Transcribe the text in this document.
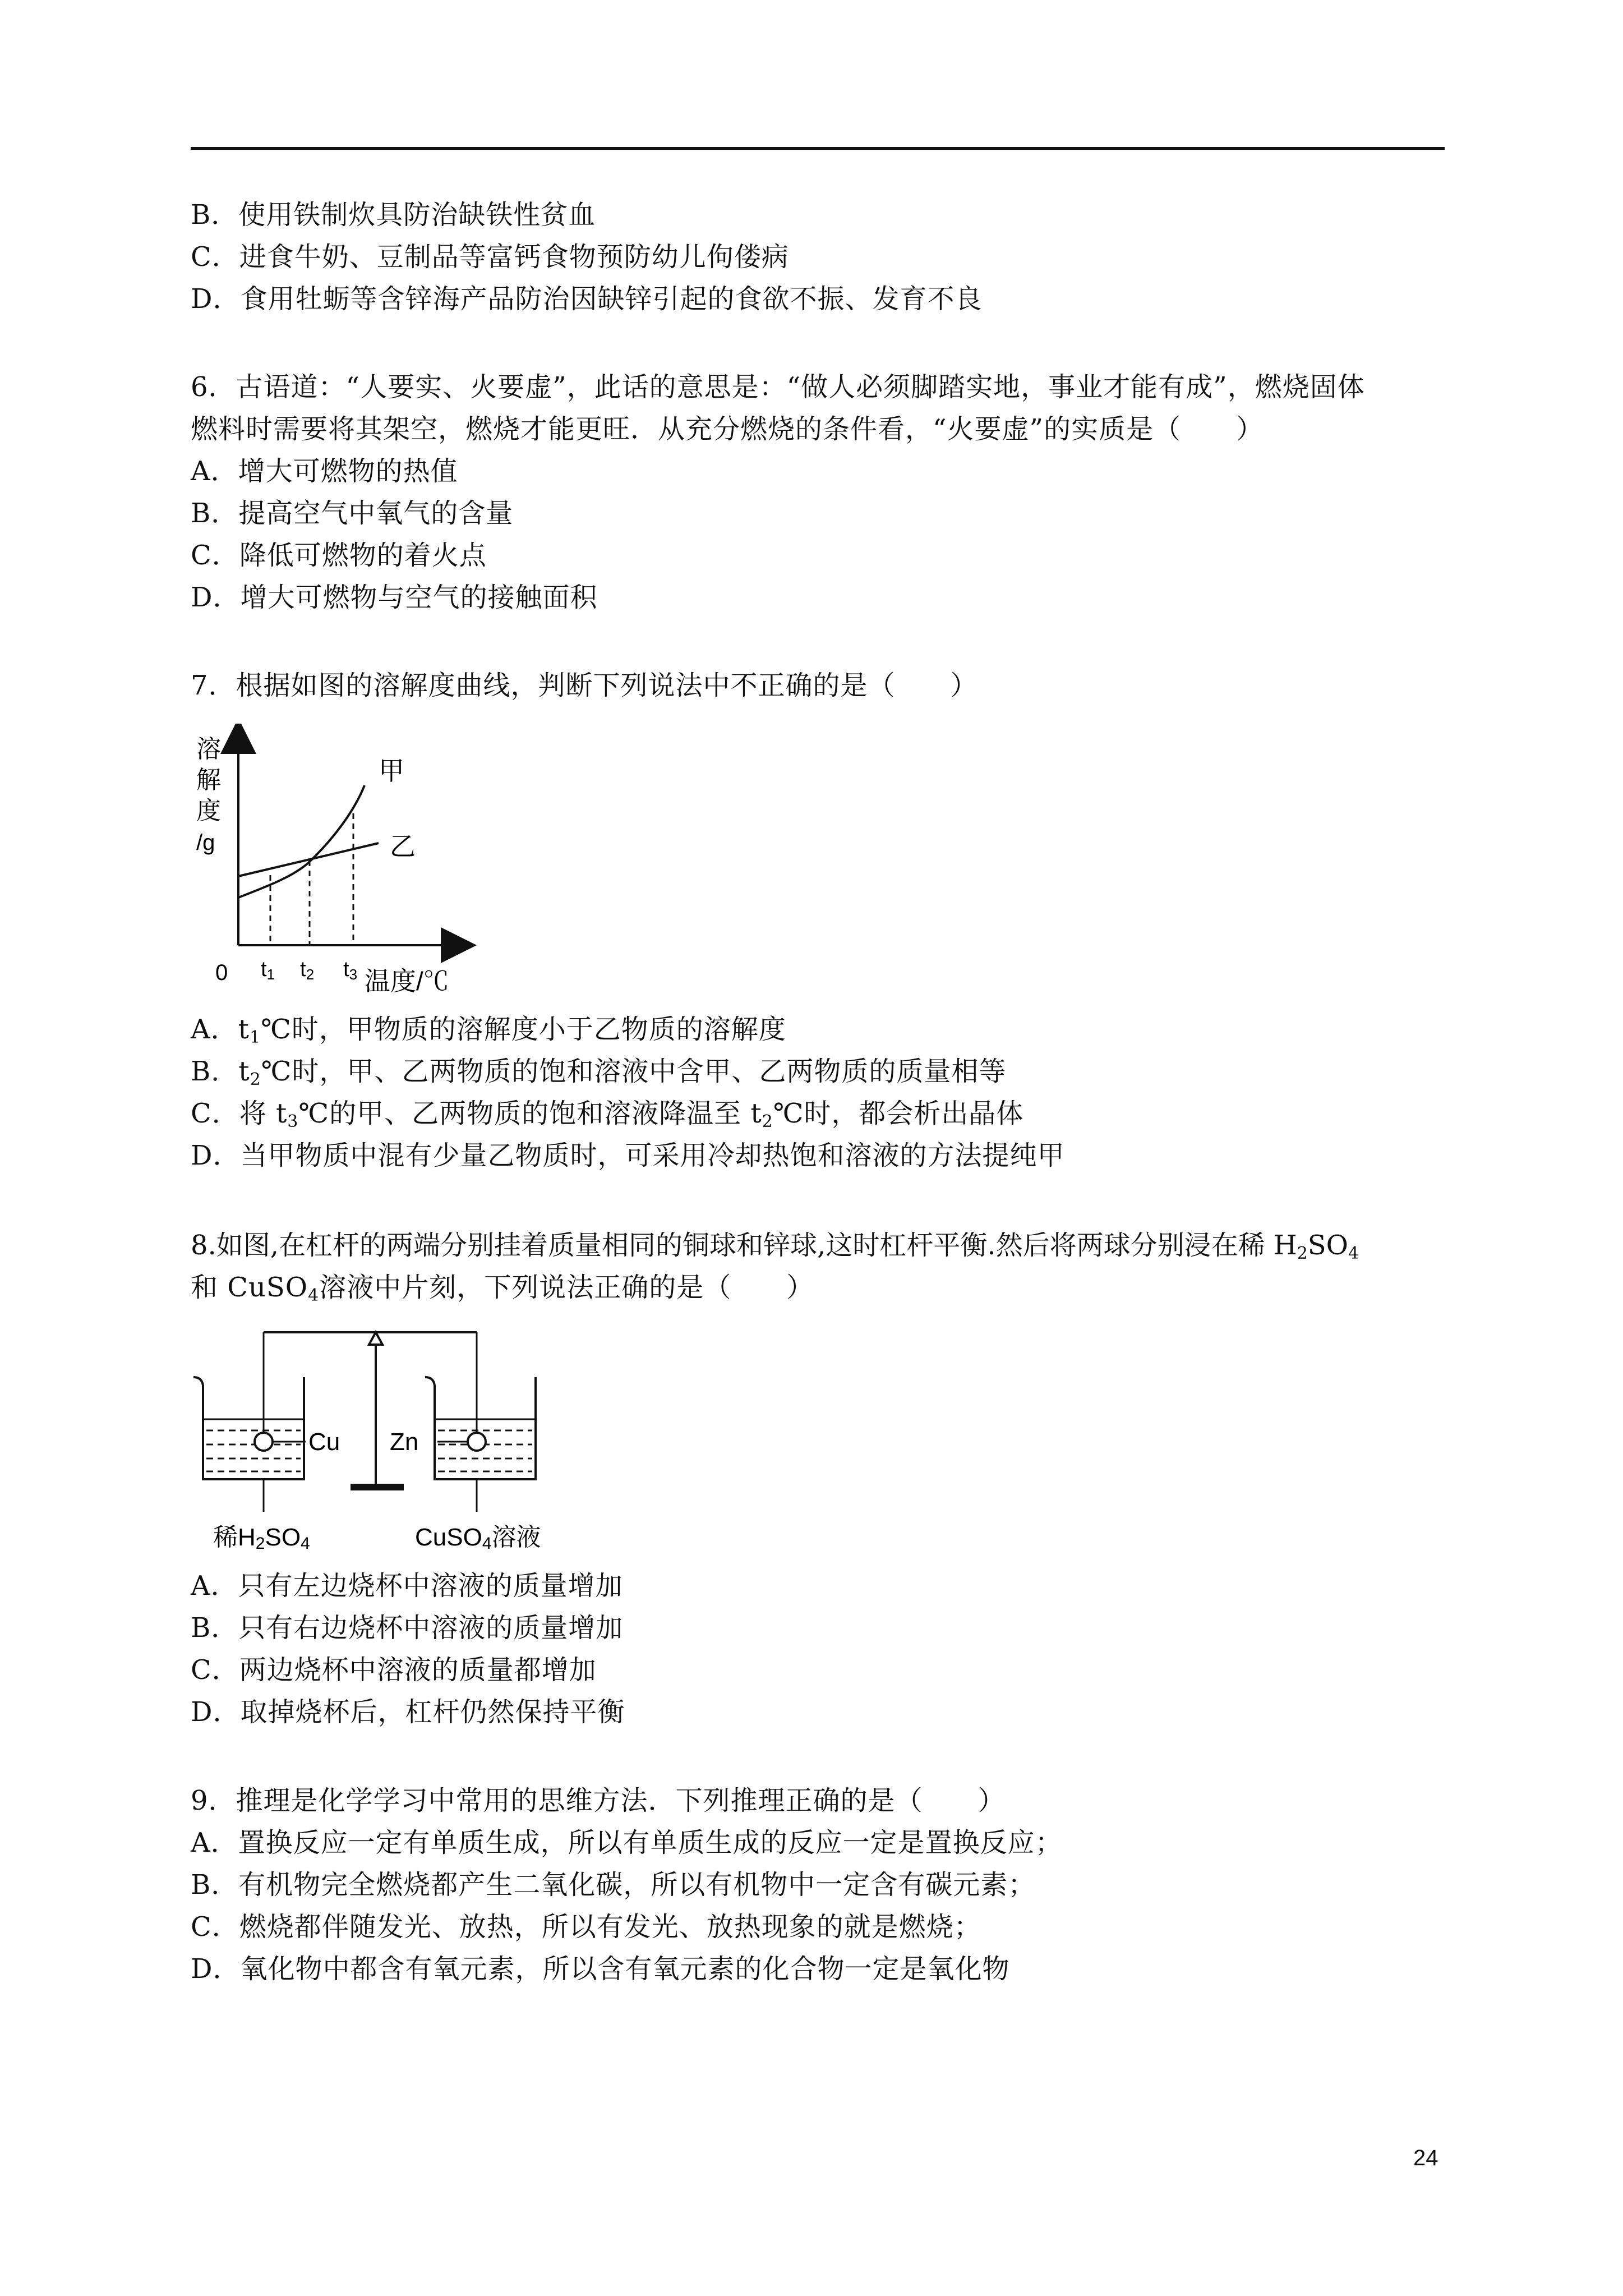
B．使用铁制炊具防治缺铁性贫血
C．进食牛奶、豆制品等富钙食物预防幼儿佝偻病
D．食用牡蛎等含锌海产品防治因缺锌引起的食欲不振、发育不良
6．古语道：“人要实、火要虚”，此话的意思是：“做人必须脚踏实地，事业才能有成”，燃烧固体
燃料时需要将其架空，燃烧才能更旺．从充分燃烧的条件看，“火要虚”的实质是（　　）
A．增大可燃物的热值
B．提高空气中氧气的含量
C．降低可燃物的着火点
D．增大可燃物与空气的接触面积
7．根据如图的溶解度曲线，判断下列说法中不正确的是（　　）
溶
解
度
/g
甲
乙
0 t1 t2 t3 温度/℃
A．$t_1℃$时，甲物质的溶解度小于乙物质的溶解度
B．$t_2℃$时，甲、乙两物质的饱和溶液中含甲、乙两物质的质量相等
C．将 $t_3℃$的甲、乙两物质的饱和溶液降温至 $t_2℃$时，都会析出晶体
D．当甲物质中混有少量乙物质时，可采用冷却热饱和溶液的方法提纯甲
8.如图,在杠杆的两端分别挂着质量相同的铜球和锌球,这时杠杆平衡.然后将两球分别浸在稀 $H_2SO_4$
和 CuSO$_4$溶液中片刻，下列说法正确的是（　　）
Cu Zn
稀H2SO4	CuSO4溶液
A．只有左边烧杯中溶液的质量增加
B．只有右边烧杯中溶液的质量增加
C．两边烧杯中溶液的质量都增加
D．取掉烧杯后，杠杆仍然保持平衡
9．推理是化学学习中常用的思维方法．下列推理正确的是（　　）
A．置换反应一定有单质生成，所以有单质生成的反应一定是置换反应；
B．有机物完全燃烧都产生二氧化碳，所以有机物中一定含有碳元素；
C．燃烧都伴随发光、放热，所以有发光、放热现象的就是燃烧；
D．氧化物中都含有氧元素，所以含有氧元素的化合物一定是氧化物
24
